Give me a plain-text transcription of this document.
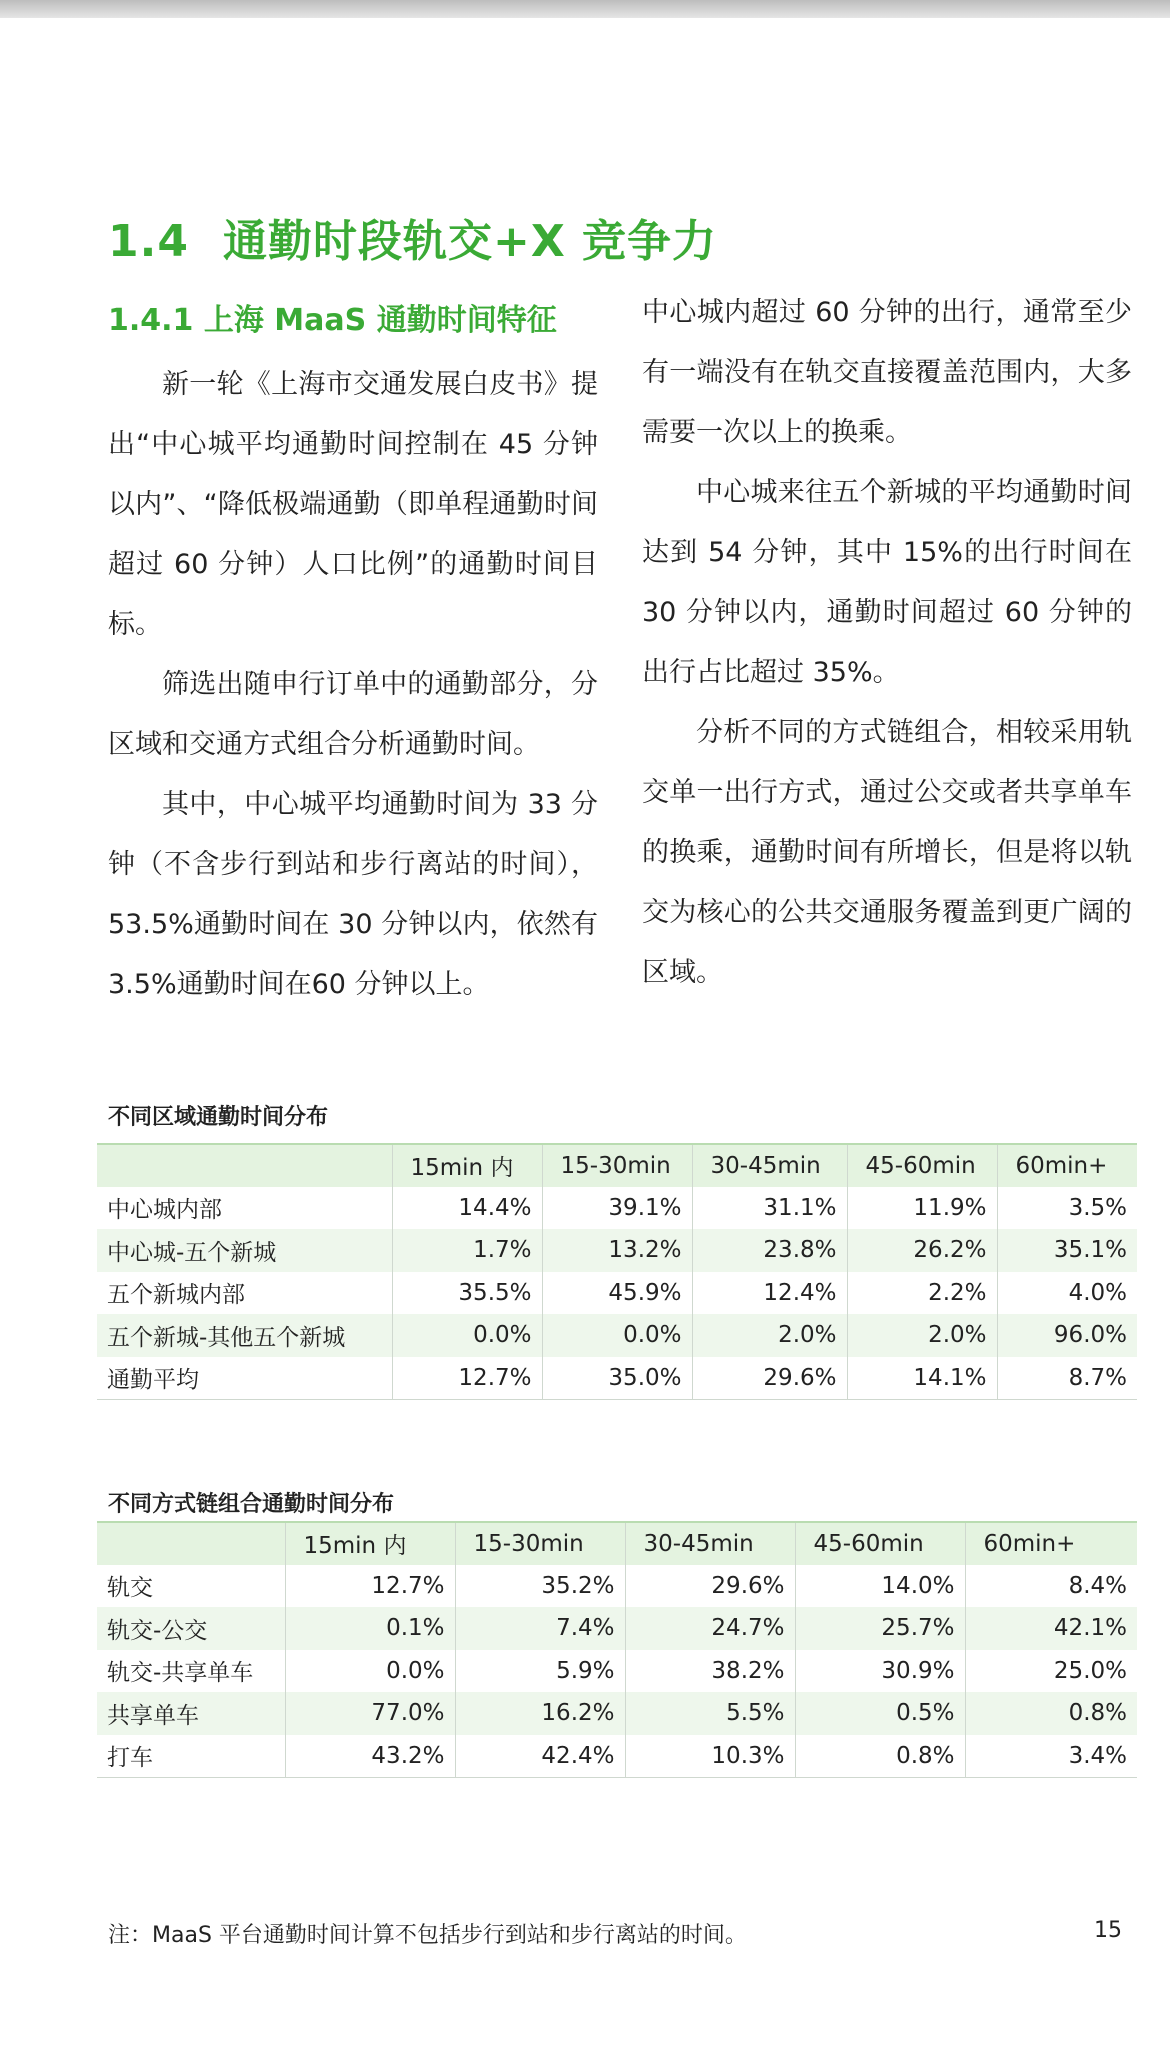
1.4 通勤时段轨交+X 竞争力
1.4.1 上海 MaaS 通勤时间特征

新一轮《上海市交通发展白皮书》提出“中心城平均通勤时间控制在 45 分钟以内”、“降低极端通勤（即单程通勤时间超过 60 分钟）人口比例”的通勤时间目标。

筛选出随申行订单中的通勤部分，分区域和交通方式组合分析通勤时间。

其中，中心城平均通勤时间为 33 分钟（不含步行到站和步行离站的时间），53.5%通勤时间在 30 分钟以内，依然有 3.5%通勤时间在60 分钟以上。

中心城内超过 60 分钟的出行，通常至少有一端没有在轨交直接覆盖范围内，大多需要一次以上的换乘。

中心城来往五个新城的平均通勤时间达到 54 分钟，其中 15%的出行时间在 30 分钟以内，通勤时间超过 60 分钟的出行占比超过 35%。

分析不同的方式链组合，相较采用轨交单一出行方式，通过公交或者共享单车的换乘，通勤时间有所增长，但是将以轨交为核心的公共交通服务覆盖到更广阔的区域。

不同区域通勤时间分布
	15min 内	15-30min	30-45min	45-60min	60min+
中心城内部	14.4%	39.1%	31.1%	11.9%	3.5%
中心城-五个新城	1.7%	13.2%	23.8%	26.2%	35.1%
五个新城内部	35.5%	45.9%	12.4%	2.2%	4.0%
五个新城-其他五个新城	0.0%	0.0%	2.0%	2.0%	96.0%
通勤平均	12.7%	35.0%	29.6%	14.1%	8.7%
不同方式链组合通勤时间分布
	15min 内	15-30min	30-45min	45-60min	60min+
轨交	12.7%	35.2%	29.6%	14.0%	8.4%
轨交-公交	0.1%	7.4%	24.7%	25.7%	42.1%
轨交-共享单车	0.0%	5.9%	38.2%	30.9%	25.0%
共享单车	77.0%	16.2%	5.5%	0.5%	0.8%
打车	43.2%	42.4%	10.3%	0.8%	3.4%
注：MaaS 平台通勤时间计算不包括步行到站和步行离站的时间。	15
